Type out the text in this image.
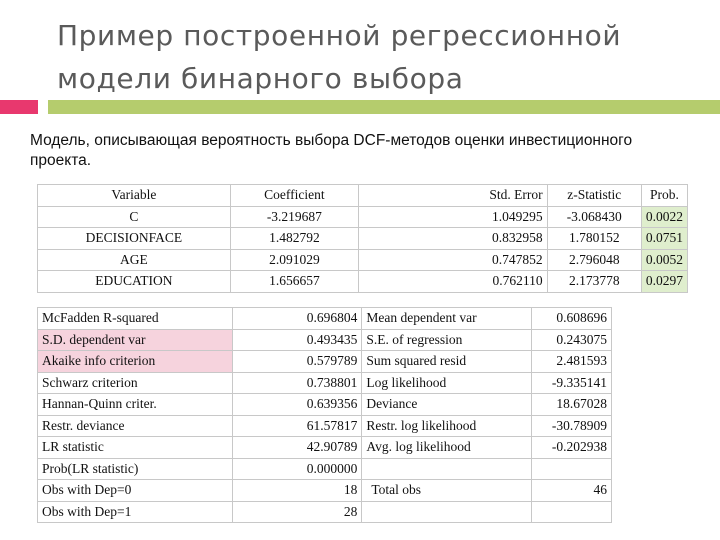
Пример построенной регрессионной модели бинарного выбора
Модель, описывающая вероятность выбора DCF-методов оценки инвестиционного проекта.
Variable	Coefficient	Std. Error	z-Statistic	Prob.
C	-3.219687	1.049295	-3.068430	0.0022
DECISIONFACE	1.482792	0.832958	1.780152	0.0751
AGE	2.091029	0.747852	2.796048	0.0052
EDUCATION	1.656657	0.762110	2.173778	0.0297
McFadden R-squared	0.696804	Mean dependent var	0.608696
S.D. dependent var	0.493435	S.E. of regression	0.243075
Akaike info criterion	0.579789	Sum squared resid	2.481593
Schwarz criterion	0.738801	Log likelihood	-9.335141
Hannan-Quinn criter.	0.639356	Deviance	18.67028
Restr. deviance	61.57817	Restr. log likelihood	-30.78909
LR statistic	42.90789	Avg. log likelihood	-0.202938
Prob(LR statistic)	0.000000		
Obs with Dep=0	18	Total obs	46
Obs with Dep=1	28		
